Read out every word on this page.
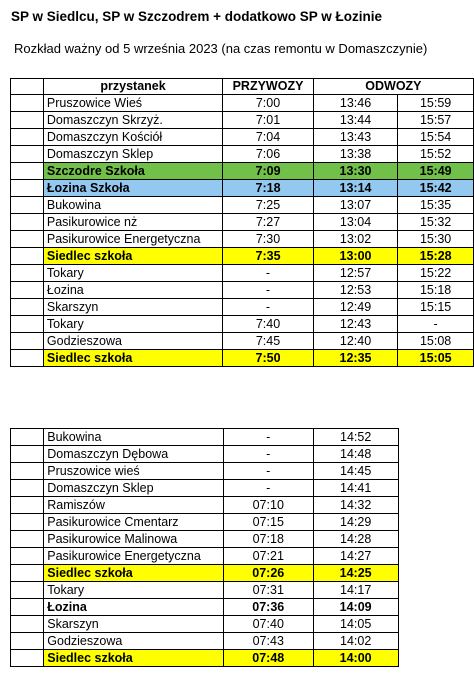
SP w Siedlcu, SP w Szczodrem + dodatkowo SP w Łozinie
Rozkład ważny od 5 września 2023 (na czas remontu w Domaszczynie)
	przystanek	PRZYWOZY	ODWOZY	
	Pruszowice Wieś	7:00	13:46	15:59
	Domaszczyn Skrzyż.	7:01	13:44	15:57
	Domaszczyn Kościół	7:04	13:43	15:54
	Domaszczyn Sklep	7:06	13:38	15:52
	Szczodre Szkoła	7:09	13:30	15:49
	Łozina Szkoła	7:18	13:14	15:42
	Bukowina	7:25	13:07	15:35
	Pasikurowice nż	7:27	13:04	15:32
	Pasikurowice Energetyczna	7:30	13:02	15:30
	Siedlec szkoła	7:35	13:00	15:28
	Tokary	-	12:57	15:22
	Łozina	-	12:53	15:18
	Skarszyn	-	12:49	15:15
	Tokary	7:40	12:43	-
	Godzieszowa	7:45	12:40	15:08
	Siedlec szkoła	7:50	12:35	15:05
	Bukowina	-	14:52	
	Domaszczyn Dębowa	-	14:48	
	Pruszowice wieś	-	14:45	
	Domaszczyn Sklep	-	14:41	
	Ramiszów	07:10	14:32	
	Pasikurowice Cmentarz	07:15	14:29	
	Pasikurowice Malinowa	07:18	14:28	
	Pasikurowice Energetyczna	07:21	14:27	
	Siedlec szkoła	07:26	14:25	
	Tokary	07:31	14:17	
	Łozina	07:36	14:09	
	Skarszyn	07:40	14:05	
	Godzieszowa	07:43	14:02	
	Siedlec szkoła	07:48	14:00	
